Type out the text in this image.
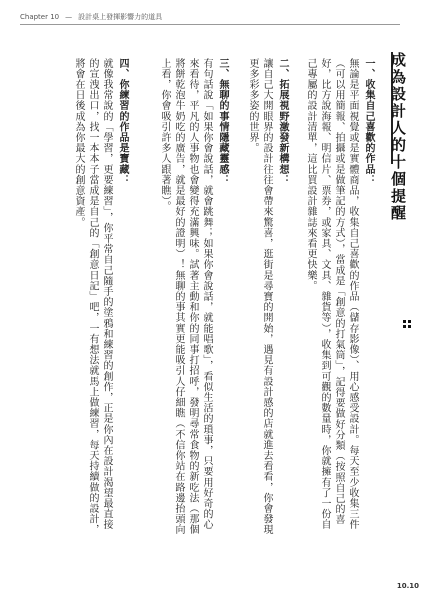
Chapter 10 — 設計桌上發揮影響力的道具
成為設計人的十個提醒
一、收集自己喜歡的作品：
無論是平面視覺或是實體商品，收集自己喜歡的作品（儲存影像）、用心感受設計。每天至少收集三件（可以用簡報、拍攝或是做筆記的方式），當成是「創意的打氣筒」，記得要做好分類（按照自己的喜好，比方說海報、明信片、票券，或家具、文具、雜貨等），收集到可觀的數量時，你就擁有了一份自己專屬的設計清單，這比買設計雜誌來看更快樂。
二、拓展視野激發新構想：
讓自己大開眼界的設計往往會帶來驚喜，逛街是尋寶的開始，遇見有設計感的店就進去看看，你會發現更多彩多姿的世界。
三、無聊的事情隱藏靈感：
有句話說「如果你會說話，就會跳舞；如果你會說話，就能唱歌」，看似生活的瑣事，只要用好奇的心來看待，平凡的人事物也會變得充滿興味。試著主動和你的同事打招呼，發明尋常食物的新吃法（那個將餅乾泡牛奶吃的廣告，就是最好的證明）！無聊的事其實更能吸引人仔細瞧（不信你站在路邊抬頭向上看，你會吸引許多人跟著瞧）。
四、你練習的作品是寶藏：
就像我常說的「學習，更要練習」，你平常自己隨手的塗鴉和練習的創作，正是你內在設計渴望最直接的宣洩出口，找一本本子當成是自己的「創意日記」吧，一有想法就馬上做練習，每天持續做的設計，將會在日後成為你最大的創意資產。
10.10
